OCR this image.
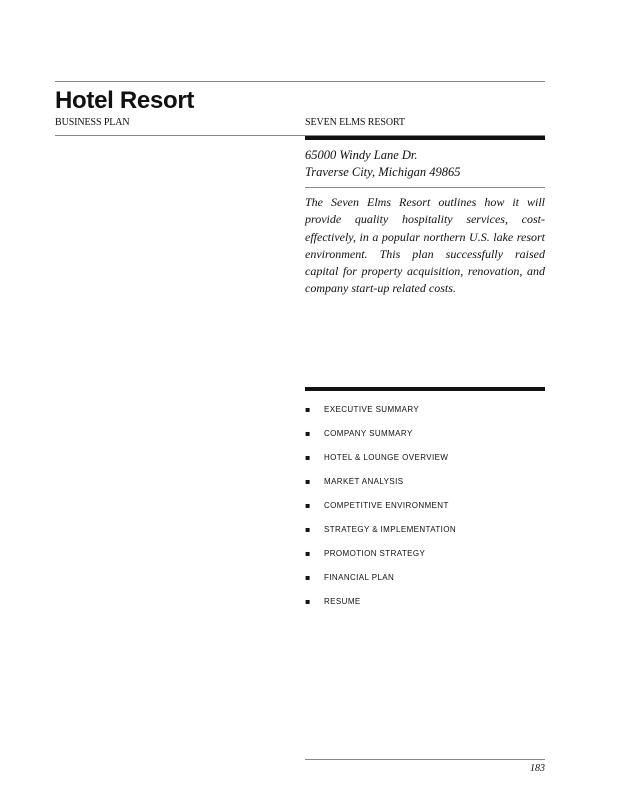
Hotel Resort
BUSINESS PLAN	SEVEN ELMS RESORT
65000 Windy Lane Dr.
Traverse City, Michigan 49865

The Seven Elms Resort outlines how it will provide quality hospitality services, cost-effectively, in a popular northern U.S. lake resort environment. This plan successfully raised capital for property acquisition, renovation, and company start-up related costs.

▪	EXECUTIVE SUMMARY
▪	COMPANY SUMMARY
▪	HOTEL & LOUNGE OVERVIEW
▪	MARKET ANALYSIS
▪	COMPETITIVE ENVIRONMENT
▪	STRATEGY & IMPLEMENTATION
▪	PROMOTION STRATEGY
▪	FINANCIAL PLAN
▪	RESUME
183
